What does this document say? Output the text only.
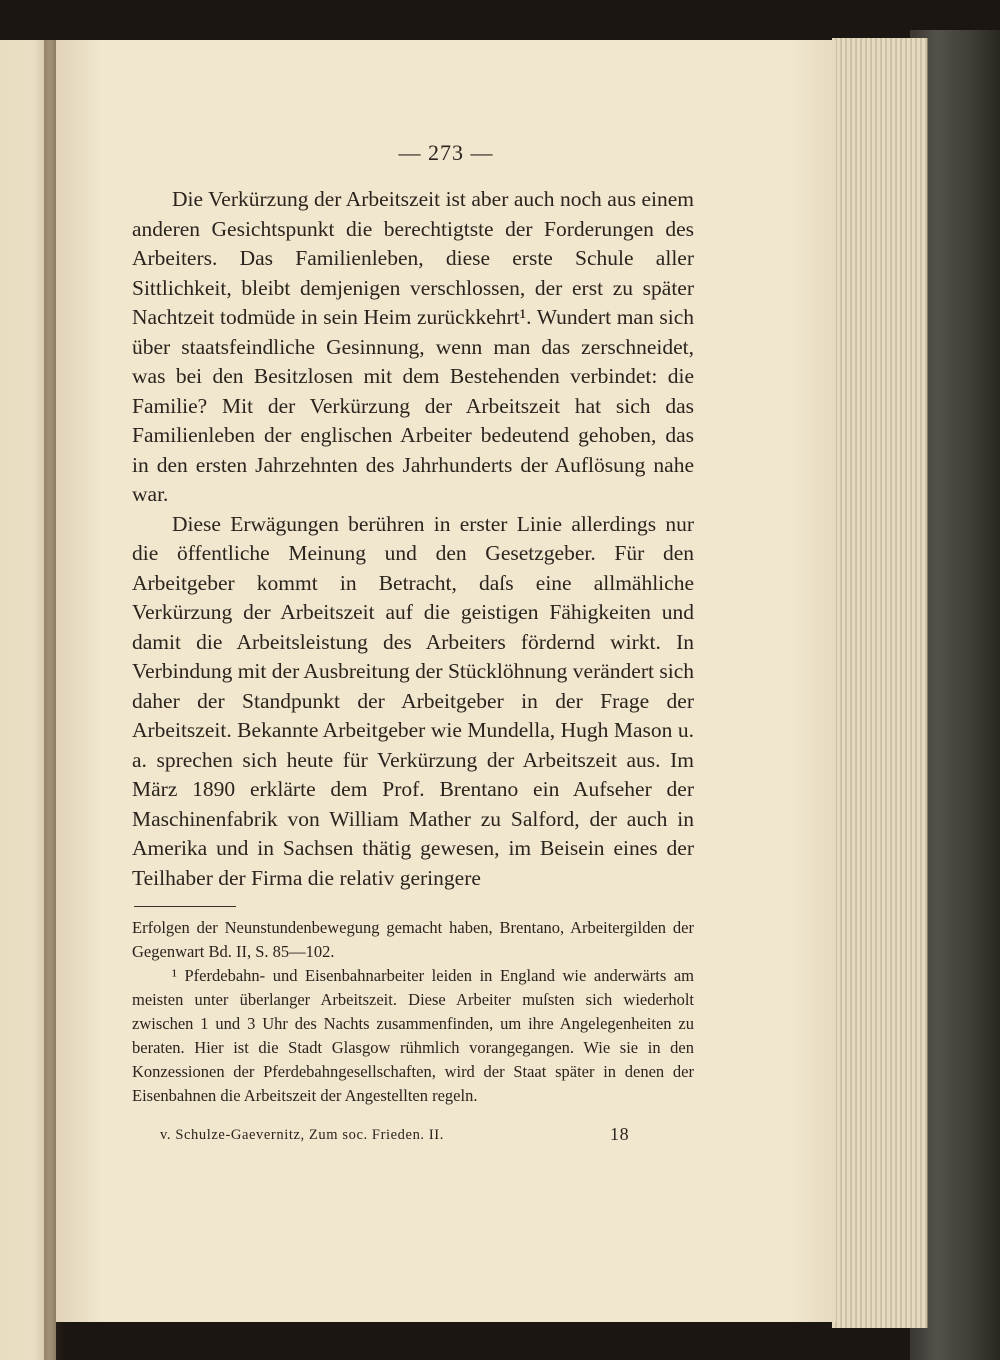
— 273 —

Die Verkürzung der Arbeitszeit ist aber auch noch aus einem anderen Gesichtspunkt die berechtigtste der Forderungen des Arbeiters. Das Familienleben, diese erste Schule aller Sittlichkeit, bleibt demjenigen verschlossen, der erst zu später Nachtzeit todmüde in sein Heim zurückkehrt¹. Wundert man sich über staatsfeindliche Gesinnung, wenn man das zerschneidet, was bei den Besitzlosen mit dem Bestehenden verbindet: die Familie? Mit der Verkürzung der Arbeitszeit hat sich das Familienleben der englischen Arbeiter bedeutend gehoben, das in den ersten Jahrzehnten des Jahrhunderts der Auflösung nahe war.

Diese Erwägungen berühren in erster Linie allerdings nur die öffentliche Meinung und den Gesetzgeber. Für den Arbeitgeber kommt in Betracht, daſs eine allmähliche Verkürzung der Arbeitszeit auf die geistigen Fähigkeiten und damit die Arbeitsleistung des Arbeiters fördernd wirkt. In Verbindung mit der Ausbreitung der Stücklöhnung verändert sich daher der Standpunkt der Arbeitgeber in der Frage der Arbeitszeit. Bekannte Arbeitgeber wie Mundella, Hugh Mason u. a. sprechen sich heute für Verkürzung der Arbeitszeit aus. Im März 1890 erklärte dem Prof. Brentano ein Aufseher der Maschinenfabrik von William Mather zu Salford, der auch in Amerika und in Sachsen thätig gewesen, im Beisein eines der Teilhaber der Firma die relativ geringere

Erfolgen der Neunstundenbewegung gemacht haben, Brentano, Arbeitergilden der Gegenwart Bd. II, S. 85—102.

¹ Pferdebahn- und Eisenbahnarbeiter leiden in England wie anderwärts am meisten unter überlanger Arbeitszeit. Diese Arbeiter muſsten sich wiederholt zwischen 1 und 3 Uhr des Nachts zusammenfinden, um ihre Angelegenheiten zu beraten. Hier ist die Stadt Glasgow rühmlich vorangegangen. Wie sie in den Konzessionen der Pferdebahngesellschaften, wird der Staat später in denen der Eisenbahnen die Arbeitszeit der Angestellten regeln.

v. Schulze-Gaevernitz, Zum soc. Frieden. II.	18
